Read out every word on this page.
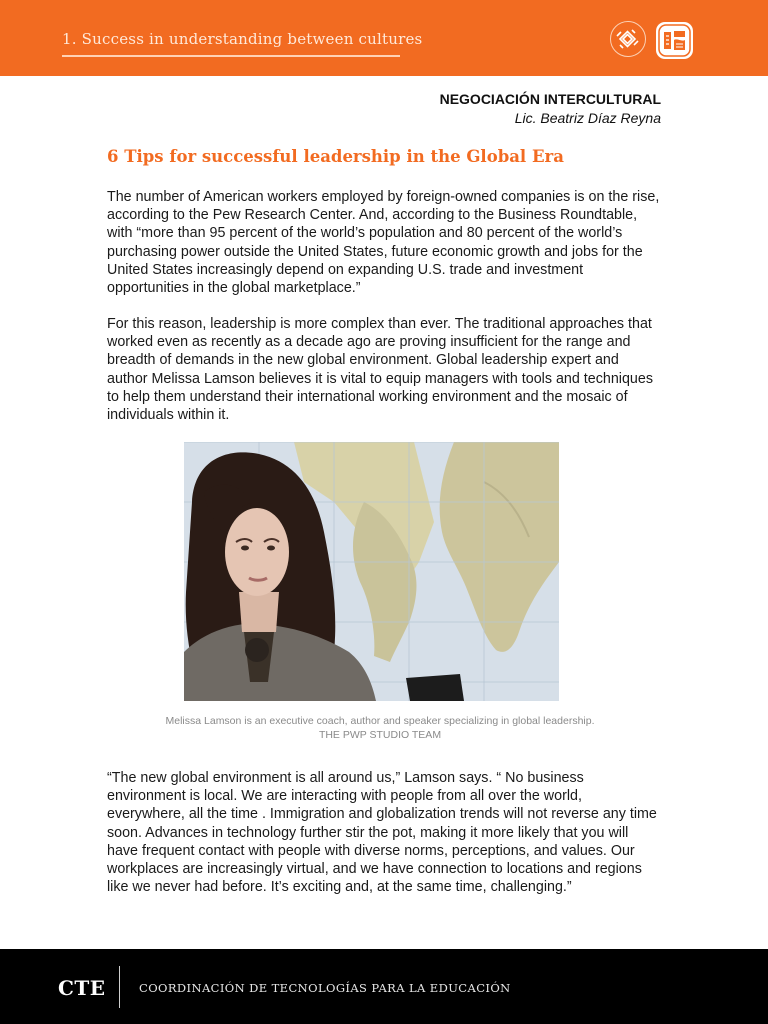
1. Success in understanding between cultures
NEGOCIACIÓN INTERCULTURAL
Lic. Beatriz Díaz Reyna
6 Tips for successful leadership in the Global Era

The number of American workers employed by foreign-owned companies is on the rise, according to the Pew Research Center. And, according to the Business Roundtable, with “more than 95 percent of the world’s population and 80 percent of the world’s purchasing power outside the United States, future economic growth and jobs for the United States increasingly depend on expanding U.S. trade and investment opportunities in the global marketplace.”

For this reason, leadership is more complex than ever. The traditional approaches that worked even as recently as a decade ago are proving insufficient for the range and breadth of demands in the new global environment. Global leadership expert and author Melissa Lamson believes it is vital to equip managers with tools and techniques to help them understand their international working environment and the mosaic of individuals within it.

Melissa Lamson is an executive coach, author and speaker specializing in global leadership.
THE PWP STUDIO TEAM

“The new global environment is all around us,” Lamson says. “ No business environment is local. We are interacting with people from all over the world, everywhere, all the time . Immigration and globalization trends will not reverse any time soon. Advances in technology further stir the pot, making it more likely that you will have frequent contact with people with diverse norms, perceptions, and values. Our workplaces are increasingly virtual, and we have connection to locations and regions like we never had before. It’s exciting and, at the same time, challenging.”

CTE	COORDINACIÓN DE TECNOLOGÍAS PARA LA EDUCACIÓN
